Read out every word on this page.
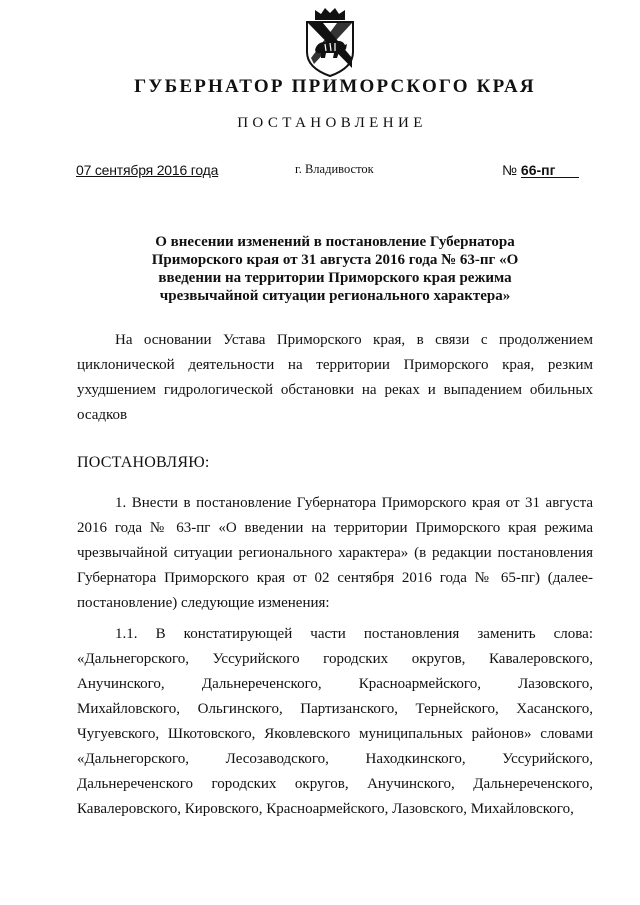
ГУБЕРНАТОР ПРИМОРСКОГО КРАЯ
ПОСТАНОВЛЕНИЕ
07 сентября 2016 года	г. Владивосток	№ 66-пг
О внесении изменений в постановление Губернатора Приморского края от 31 августа 2016 года № 63-пг «О введении на территории Приморского края режима чрезвычайной ситуации регионального характера»

На основании Устава Приморского края, в связи с продолжением циклонической деятельности на территории Приморского края, резким ухудшением гидрологической обстановки на реках и выпадением обильных осадков

ПОСТАНОВЛЯЮ:

1. Внести в постановление Губернатора Приморского края от 31 августа 2016 года № 63-пг «О введении на территории Приморского края режима чрезвычайной ситуации регионального характера» (в редакции постановления Губернатора Приморского края от 02 сентября 2016 года № 65-пг) (далее-постановление) следующие изменения:

1.1. В констатирующей части постановления заменить слова: «Дальнегорского, Уссурийского городских округов, Кавалеровского, Анучинского, Дальнереченского, Красноармейского, Лазовского, Михайловского, Ольгинского, Партизанского, Тернейского, Хасанского, Чугуевского, Шкотовского, Яковлевского муниципальных районов» словами «Дальнегорского, Лесозаводского, Находкинского, Уссурийского, Дальнереченского городских округов, Анучинского, Дальнереченского, Кавалеровского, Кировского, Красноармейского, Лазовского, Михайловского,
